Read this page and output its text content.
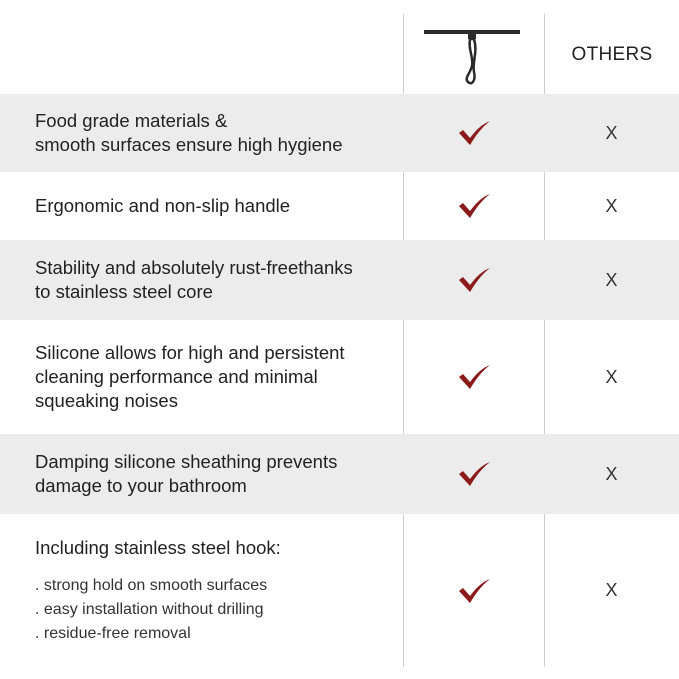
OTHERS
Food grade materials &
smooth surfaces ensure high hygiene
X
Ergonomic and non-slip handle	X
Stability and absolutely rust-freethanks
to stainless steel core
X
Silicone allows for high and persistent
cleaning performance and minimal
squeaking noises
X
Damping silicone sheathing prevents
damage to your bathroom
X
Including stainless steel hook:
. strong hold on smooth surfaces
. easy installation without drilling
. residue-free removal
X
